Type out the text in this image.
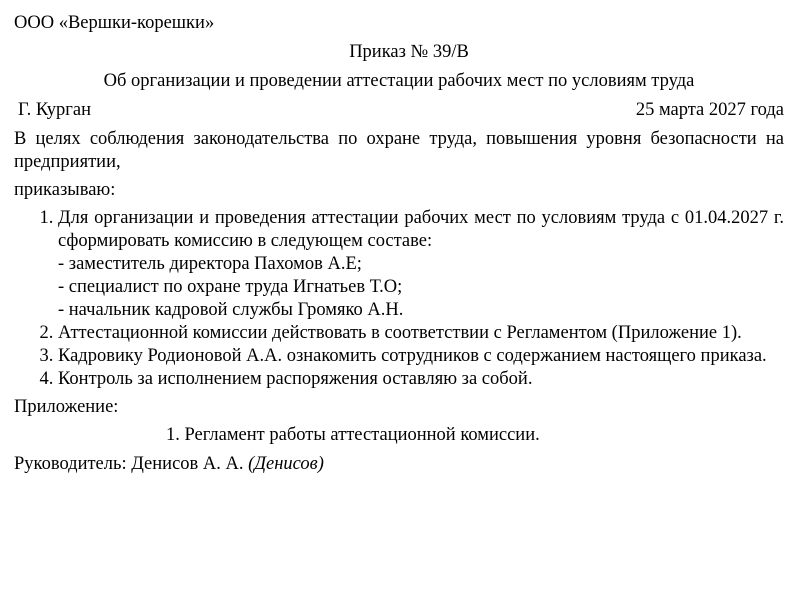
ООО «Вершки-корешки»

Приказ № 39/В

Об организации и проведении аттестации рабочих мест по условиям труда

Г. Курган	25 марта 2027 года

В целях соблюдения законодательства по охране труда, повышения уровня безопасности на предприятии,

приказываю:

1. Для организации и проведения аттестации рабочих мест по условиям труда с 01.04.2027 г. сформировать комиссию в следующем составе:
- заместитель директора Пахомов А.Е;
- специалист по охране труда Игнатьев Т.О;
- начальник кадровой службы Громяко А.Н.
2. Аттестационной комиссии действовать в соответствии с Регламентом (Приложение 1).
3. Кадровику Родионовой А.А. ознакомить сотрудников с содержанием настоящего приказа.
4. Контроль за исполнением распоряжения оставляю за собой.

Приложение:

1. Регламент работы аттестационной комиссии.

Руководитель: Денисов А. А. (Денисов)
